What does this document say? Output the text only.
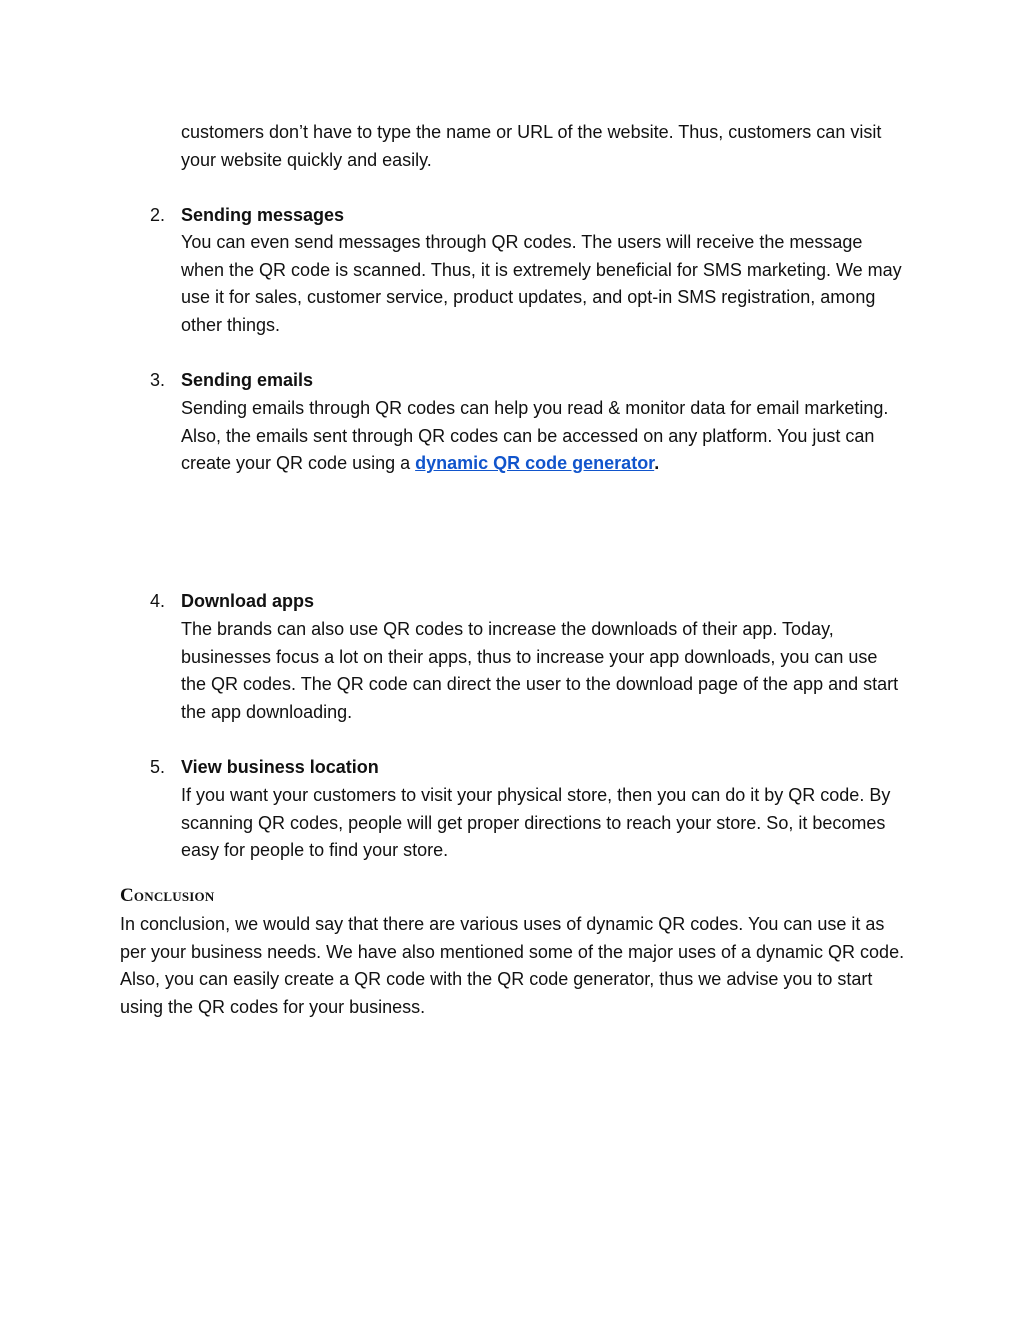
customers don’t have to type the name or URL of the website. Thus, customers can visit your website quickly and easily.

2. Sending messages

You can even send messages through QR codes. The users will receive the message when the QR code is scanned. Thus, it is extremely beneficial for SMS marketing. We may use it for sales, customer service, product updates, and opt-in SMS registration, among other things.

3. Sending emails

Sending emails through QR codes can help you read & monitor data for email marketing. Also, the emails sent through QR codes can be accessed on any platform. You just can create your QR code using a dynamic QR code generator.

4. Download apps

The brands can also use QR codes to increase the downloads of their app. Today, businesses focus a lot on their apps, thus to increase your app downloads, you can use the QR codes. The QR code can direct the user to the download page of the app and start the app downloading.

5. View business location

If you want your customers to visit your physical store, then you can do it by QR code. By scanning QR codes, people will get proper directions to reach your store. So, it becomes easy for people to find your store.

Conclusion

In conclusion, we would say that there are various uses of dynamic QR codes. You can use it as per your business needs. We have also mentioned some of the major uses of a dynamic QR code. Also, you can easily create a QR code with the QR code generator, thus we advise you to start using the QR codes for your business.
